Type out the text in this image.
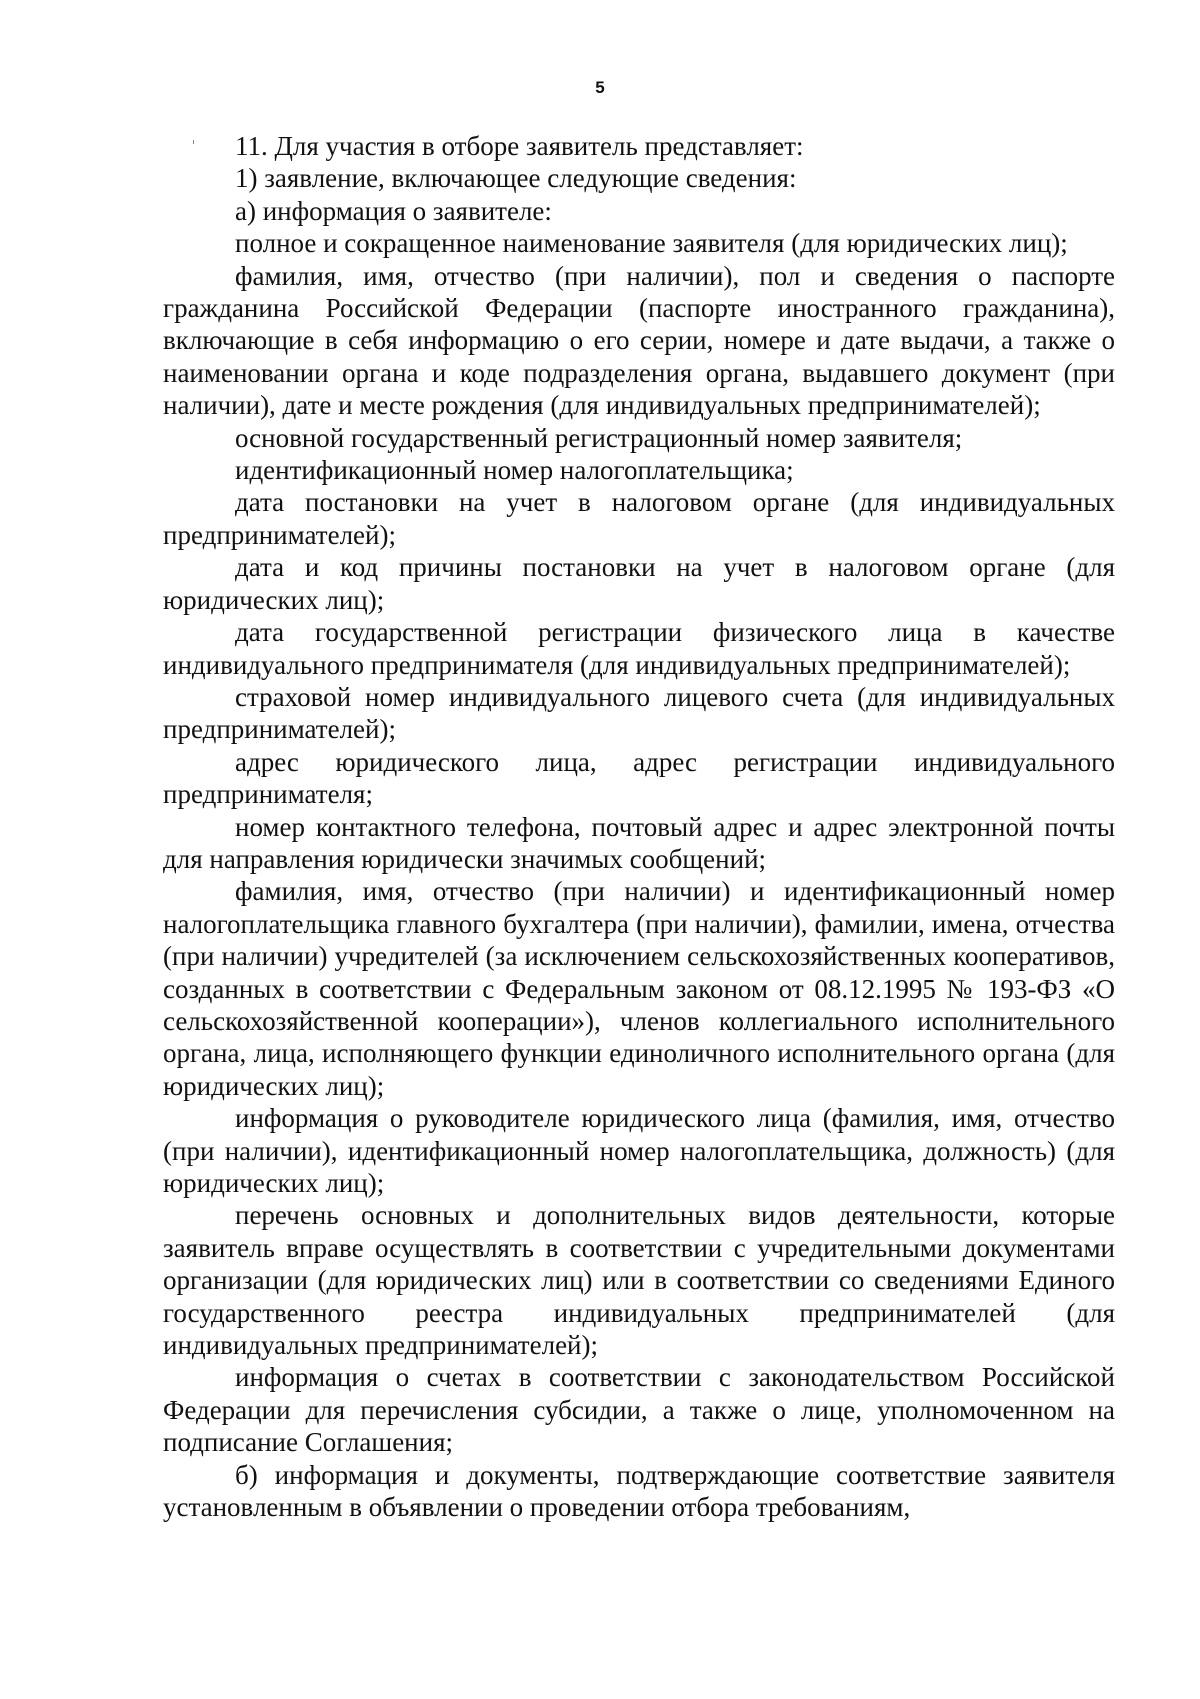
5

11. Для участия в отборе заявитель представляет:

1) заявление, включающее следующие сведения:

а) информация о заявителе:

полное и сокращенное наименование заявителя (для юридических лиц);

фамилия, имя, отчество (при наличии), пол и сведения о паспорте гражданина Российской Федерации (паспорте иностранного гражданина), включающие в себя информацию о его серии, номере и дате выдачи, а также о наименовании органа и коде подразделения органа, выдавшего документ (при наличии), дате и месте рождения (для индивидуальных предпринимателей);

основной государственный регистрационный номер заявителя;

идентификационный номер налогоплательщика;

дата постановки на учет в налоговом органе (для индивидуальных предпринимателей);

дата и код причины постановки на учет в налоговом органе (для юридических лиц);

дата государственной регистрации физического лица в качестве индивидуального предпринимателя (для индивидуальных предпринимателей);

страховой номер индивидуального лицевого счета (для индивидуальных предпринимателей);

адрес юридического лица, адрес регистрации индивидуального предпринимателя;

номер контактного телефона, почтовый адрес и адрес электронной почты для направления юридически значимых сообщений;

фамилия, имя, отчество (при наличии) и идентификационный номер налогоплательщика главного бухгалтера (при наличии), фамилии, имена, отчества (при наличии) учредителей (за исключением сельскохозяйственных кооперативов, созданных в соответствии с Федеральным законом от 08.12.1995 № 193-ФЗ «О сельскохозяйственной кооперации»), членов коллегиального исполнительного органа, лица, исполняющего функции единоличного исполнительного органа (для юридических лиц);

информация о руководителе юридического лица (фамилия, имя, отчество (при наличии), идентификационный номер налогоплательщика, должность) (для юридических лиц);

перечень основных и дополнительных видов деятельности, которые заявитель вправе осуществлять в соответствии с учредительными документами организации (для юридических лиц) или в соответствии со сведениями Единого государственного реестра индивидуальных предпринимателей (для индивидуальных предпринимателей);

информация о счетах в соответствии с законодательством Российской Федерации для перечисления субсидии, а также о лице, уполномоченном на подписание Соглашения;

б) информация и документы, подтверждающие соответствие заявителя установленным в объявлении о проведении отбора требованиям,
